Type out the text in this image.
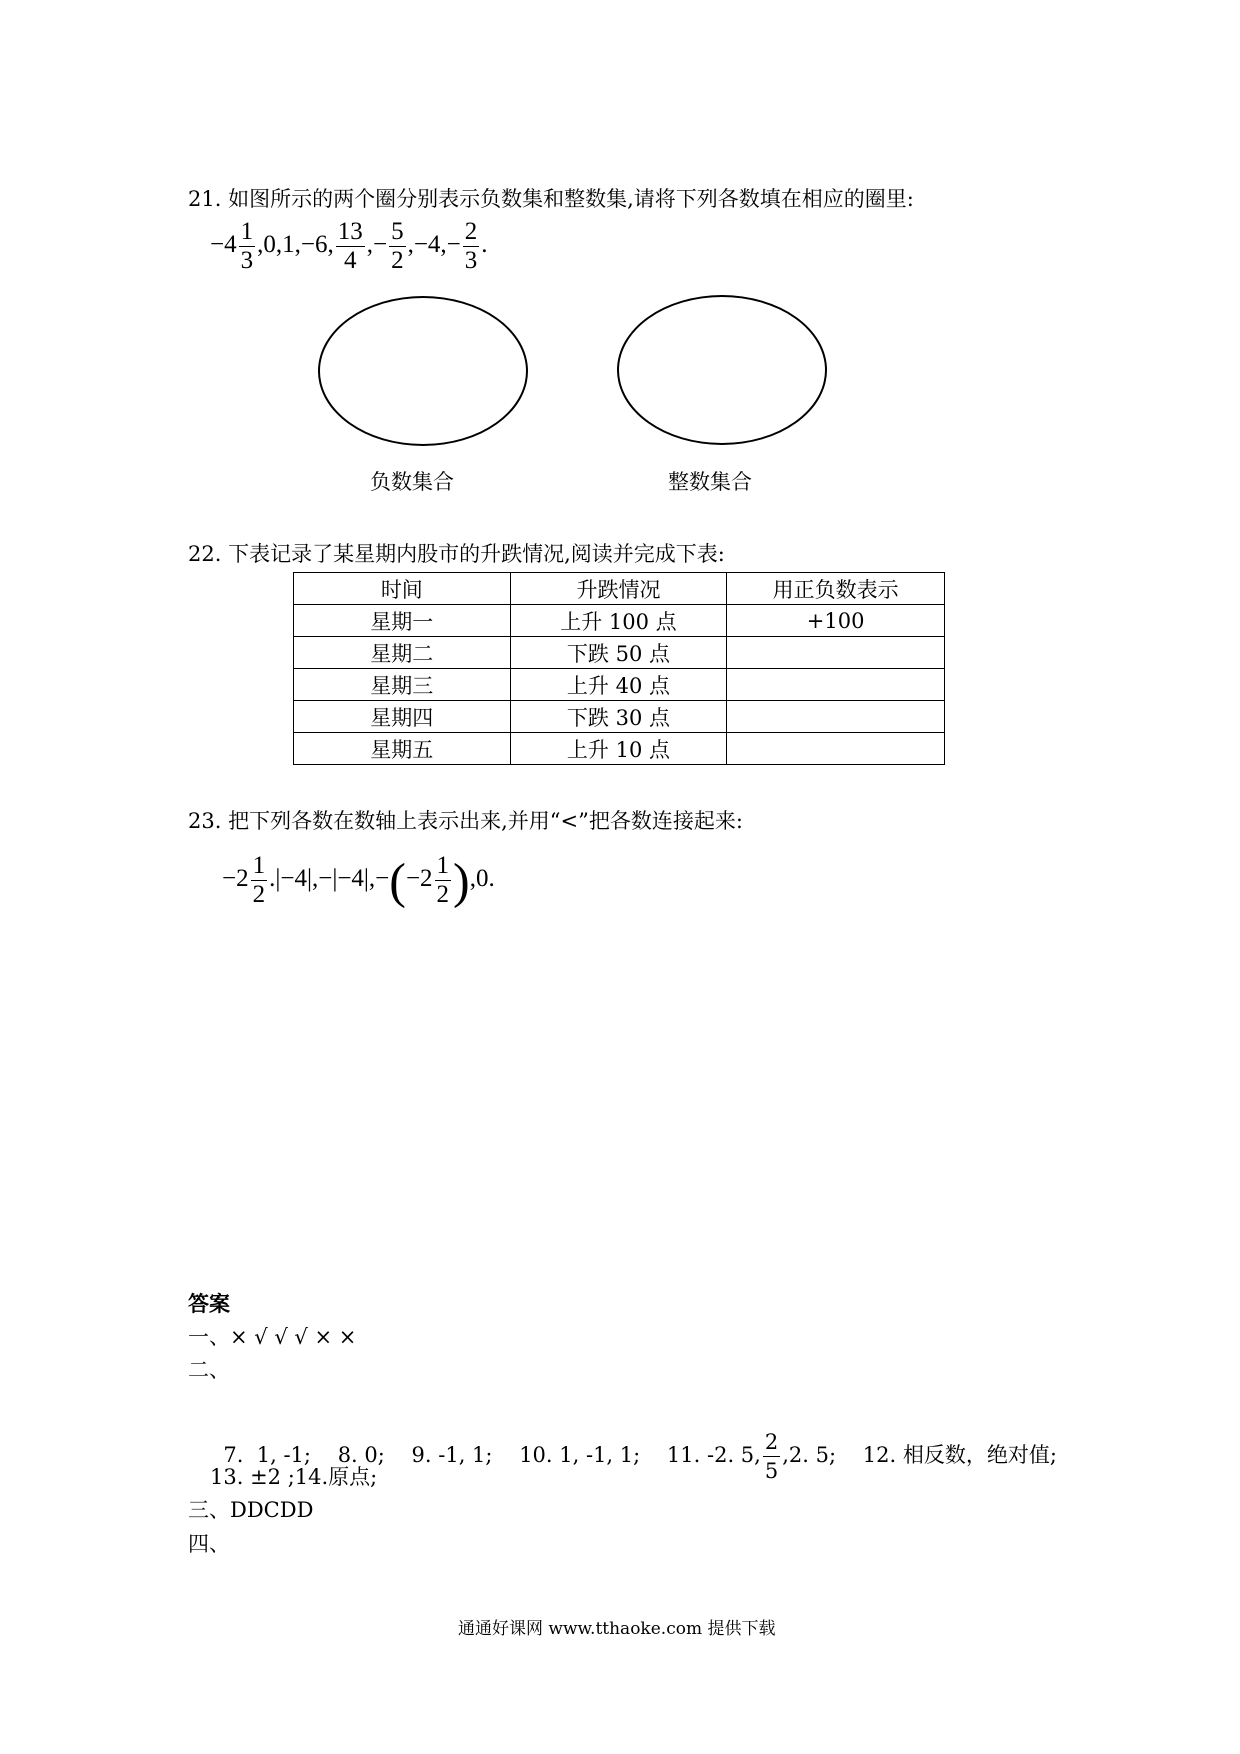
21. 如图所示的两个圈分别表示负数集和整数集,请将下列各数填在相应的圈里:
$-4 \frac{1}{3} ,0,1,-6$, $\frac{13}{4}$ ,− $\frac{5}{2} ,-4,- \frac{2}{3}$ .
负数集合	整数集合
22. 下表记录了某星期内股市的升跌情况,阅读并完成下表:
时间	升跌情况	用正负数表示
星期一	上升 100 点	+100
星期二	下跌 50 点	
星期三	上升 40 点	
星期四	下跌 30 点	
星期五	上升 10 点	
23. 把下列各数在数轴上表示出来,并用“<”把各数连接起来:
$-2 \frac{1}{2} .|-4|,-|-4|,-(-2 \frac{1}{2} ),0$.
答案
一、× √ √ √ × ×
二、

7.  1, -1;    8. 0;    9. -1, 1;    10. 1, -1, 1;    11. -2. 5, $\frac{2}{5} ,2$. 5;    12. 相反数，绝对值;

13. ±2 ;14.原点;
三、DDCDD
四、
通通好课网 www.tthaoke.com 提供下载
